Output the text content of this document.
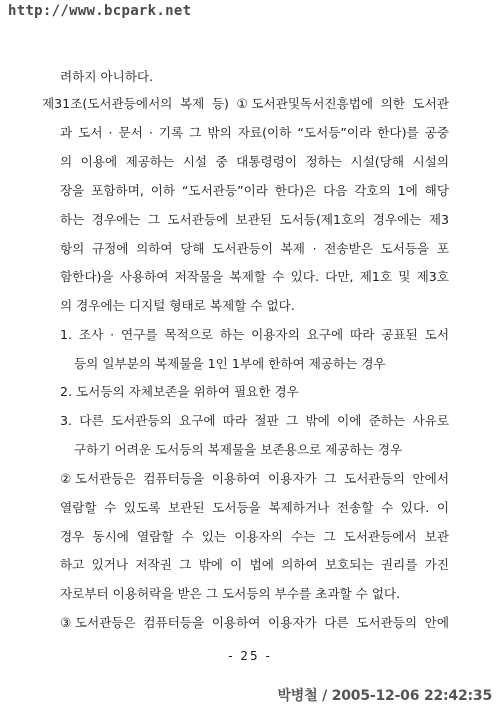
http://www.bcpark.net
려하지 아니하다.
제31조(도서관등에서의 복제 등) ①도서관및독서진흥법에 의한 도서관
과 도서 · 문서 · 기록 그 밖의 자료(이하 “도서등”이라 한다)를 공중
의 이용에 제공하는 시설 중 대통령령이 정하는 시설(당해 시설의
장을 포함하며, 이하 “도서관등”이라 한다)은 다음 각호의 1에 해당
하는 경우에는 그 도서관등에 보관된 도서등(제1호의 경우에는 제3
항의 규정에 의하여 당해 도서관등이 복제 · 전송받은 도서등을 포
함한다)을 사용하여 저작물을 복제할 수 있다. 다만, 제1호 및 제3호
의 경우에는 디지털 형태로 복제할 수 없다.
1. 조사 · 연구를 목적으로 하는 이용자의 요구에 따라 공표된 도서
등의 일부분의 복제물을 1인 1부에 한하여 제공하는 경우
2. 도서등의 자체보존을 위하여 필요한 경우
3. 다른 도서관등의 요구에 따라 절판 그 밖에 이에 준하는 사유로
구하기 어려운 도서등의 복제물을 보존용으로 제공하는 경우
②도서관등은 컴퓨터등을 이용하여 이용자가 그 도서관등의 안에서
열람할 수 있도록 보관된 도서등을 복제하거나 전송할 수 있다. 이
경우 동시에 열람할 수 있는 이용자의 수는 그 도서관등에서 보관
하고 있거나 저작권 그 밖에 이 법에 의하여 보호되는 권리를 가진
자로부터 이용허락을 받은 그 도서등의 부수를 초과할 수 없다.
③도서관등은 컴퓨터등을 이용하여 이용자가 다른 도서관등의 안에
- 25 -
박병철 / 2005-12-06 22:42:35
